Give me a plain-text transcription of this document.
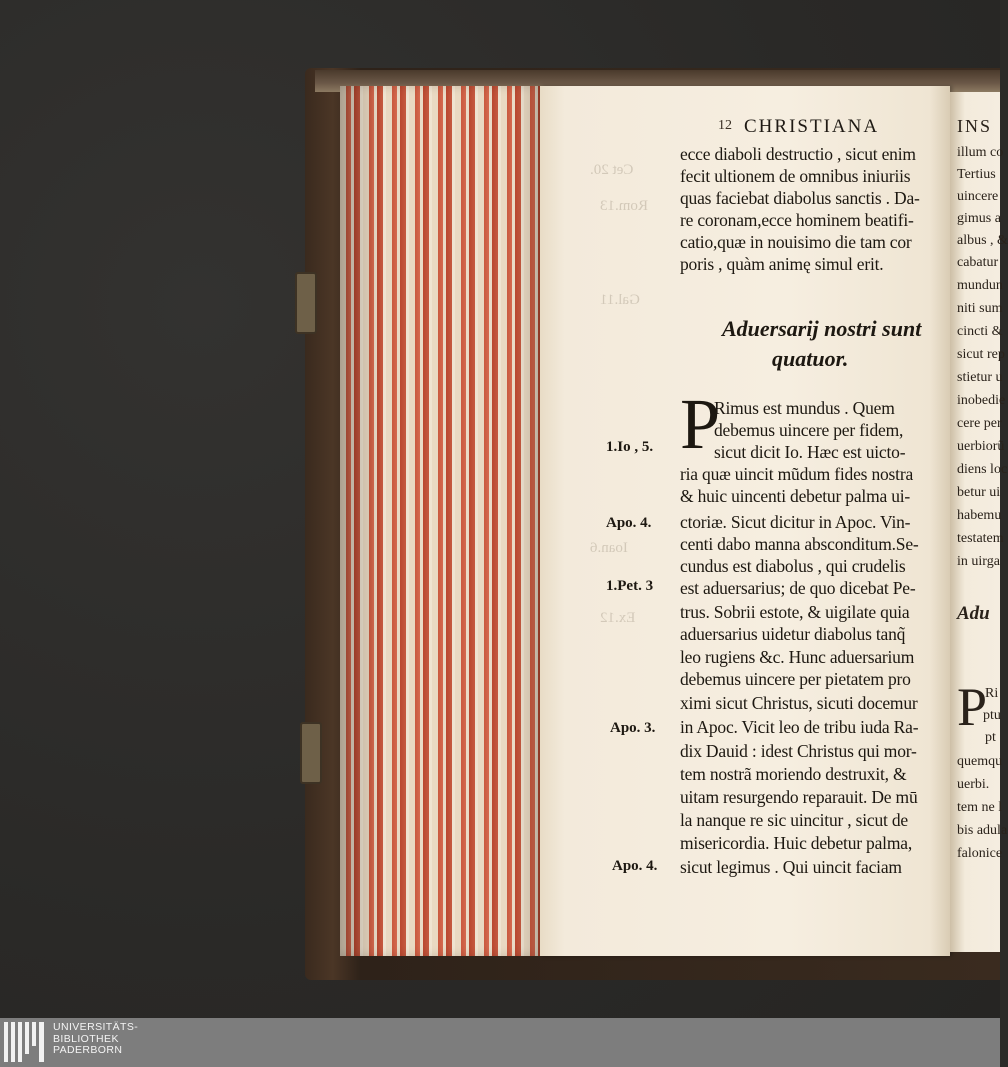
Cet 20.
Rom.13
Gal.11
Ioan.6
Ex.12
12 CHRISTIANA
ecce diaboli destructio , sicut enim
fecit ultionem de omnibus iniuriis
quas faciebat diabolus sanctis . Da-
re coronam,ecce hominem beatifi-
catio,quæ in nouisimo die tam cor
poris , quàm animę simul erit.
Aduersarij nostri sunt
quatuor.
P
Rimus est mundus . Quem
debemus uincere per fidem,
sicut dicit Io. Hæc est uicto-
ria quæ uincit mũdum fides nostra
& huic uincenti debetur palma ui-
ctoriæ. Sicut dicitur in Apoc. Vin-
centi dabo manna absconditum.Se-
cundus est diabolus , qui crudelis
est aduersarius; de quo dicebat Pe-
trus. Sobrii estote, & uigilate quia
aduersarius uidetur diabolus tanq̃
leo rugiens &c. Hunc aduersarium
debemus uincere per pietatem pro
ximi sicut Christus, sicuti docemur
in Apoc. Vicit leo de tribu iuda Ra-
dix Dauid : idest Christus qui mor-
tem nostrã moriendo destruxit, &
uitam resurgendo reparauit. De mū
la nanque re sic uincitur , sicut de
misericordia. Huic debetur palma,
sicut legimus . Qui uincit faciam
1.Io , 5.
Apo. 4.
1.Pet. 3
Apo. 3.
Apo. 4.
INS
illum co
Tertius
uincere
gimus a
albus , &
cabatur
mundun
niti sum
cincti &
sicut rep
stietur u
inobedie
cere per
uerbiorũ
diens loc
betur ui
habemu
testatem
in uirga
Adu
P
Ri
ptu
pt
quemqu
uerbi.
tem ne l
bis adula
falonice
UNIVERSITÄTS-
BIBLIOTHEK
PADERBORN
